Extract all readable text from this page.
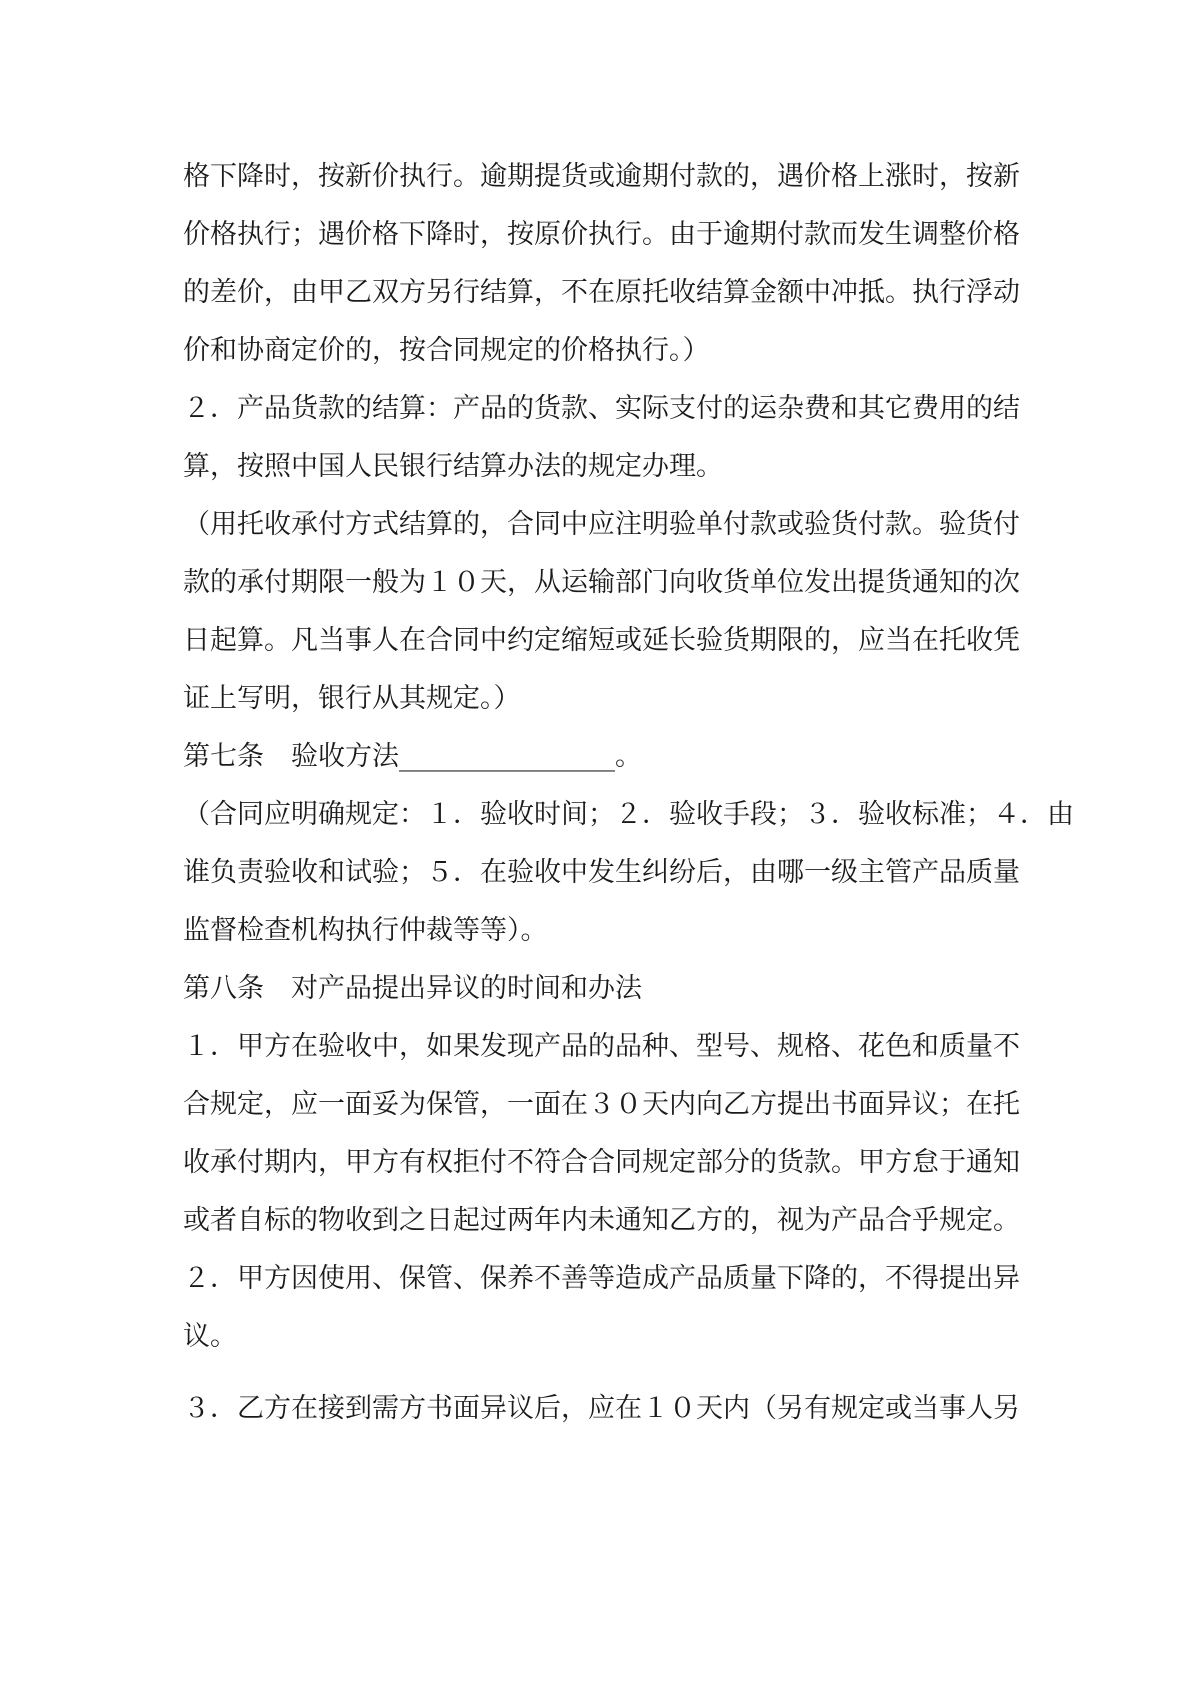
格下降时，按新价执行。逾期提货或逾期付款的，遇价格上涨时，按新
价格执行；遇价格下降时，按原价执行。由于逾期付款而发生调整价格
的差价，由甲乙双方另行结算，不在原托收结算金额中冲抵。执行浮动
价和协商定价的，按合同规定的价格执行。）
２．产品货款的结算：产品的货款、实际支付的运杂费和其它费用的结
算，按照中国人民银行结算办法的规定办理。
（用托收承付方式结算的，合同中应注明验单付款或验货付款。验货付
款的承付期限一般为１０天，从运输部门向收货单位发出提货通知的次
日起算。凡当事人在合同中约定缩短或延长验货期限的，应当在托收凭
证上写明，银行从其规定。）
第七条　验收方法________________。
（合同应明确规定：１．验收时间；２．验收手段；３．验收标准；４．由
谁负责验收和试验；５．在验收中发生纠纷后，由哪一级主管产品质量
监督检查机构执行仲裁等等）。
第八条　对产品提出异议的时间和办法
１．甲方在验收中，如果发现产品的品种、型号、规格、花色和质量不
合规定，应一面妥为保管，一面在３０天内向乙方提出书面异议；在托
收承付期内，甲方有权拒付不符合合同规定部分的货款。甲方怠于通知
或者自标的物收到之日起过两年内未通知乙方的，视为产品合乎规定。
２．甲方因使用、保管、保养不善等造成产品质量下降的，不得提出异
议。
３．乙方在接到需方书面异议后，应在１０天内（另有规定或当事人另
